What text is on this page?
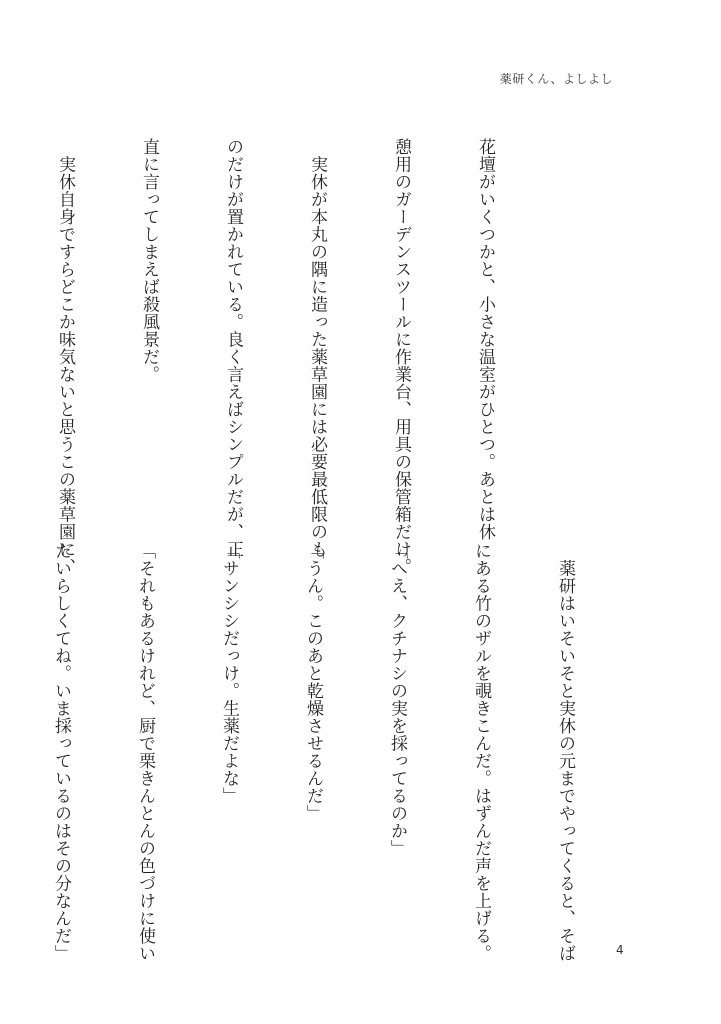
薬研くん、よしよし

花壇がいくつかと、小さな温室がひとつ。あとは休

憩用のガーデンスツールに作業台、用具の保管箱だけ。

　実休が本丸の隅に造った薬草園には必要最低限のも

のだけが置かれている。良く言えばシンプルだが、正

直に言ってしまえば殺風景だ。

　実休自身ですらどこか味気ないと思うこの薬草園に、

　薬研はいそいそと実休の元までやってくると、そば

にある竹のザルを覗きこんだ。はずんだ声を上げる。

「へえ、クチナシの実を採ってるのか」

「うん。このあと乾燥させるんだ」

「サンシシだっけ。生薬だよな」

「それもあるけれど、厨で栗きんとんの色づけに使い

たいらしくてね。いま採っているのはその分なんだ」

	4
